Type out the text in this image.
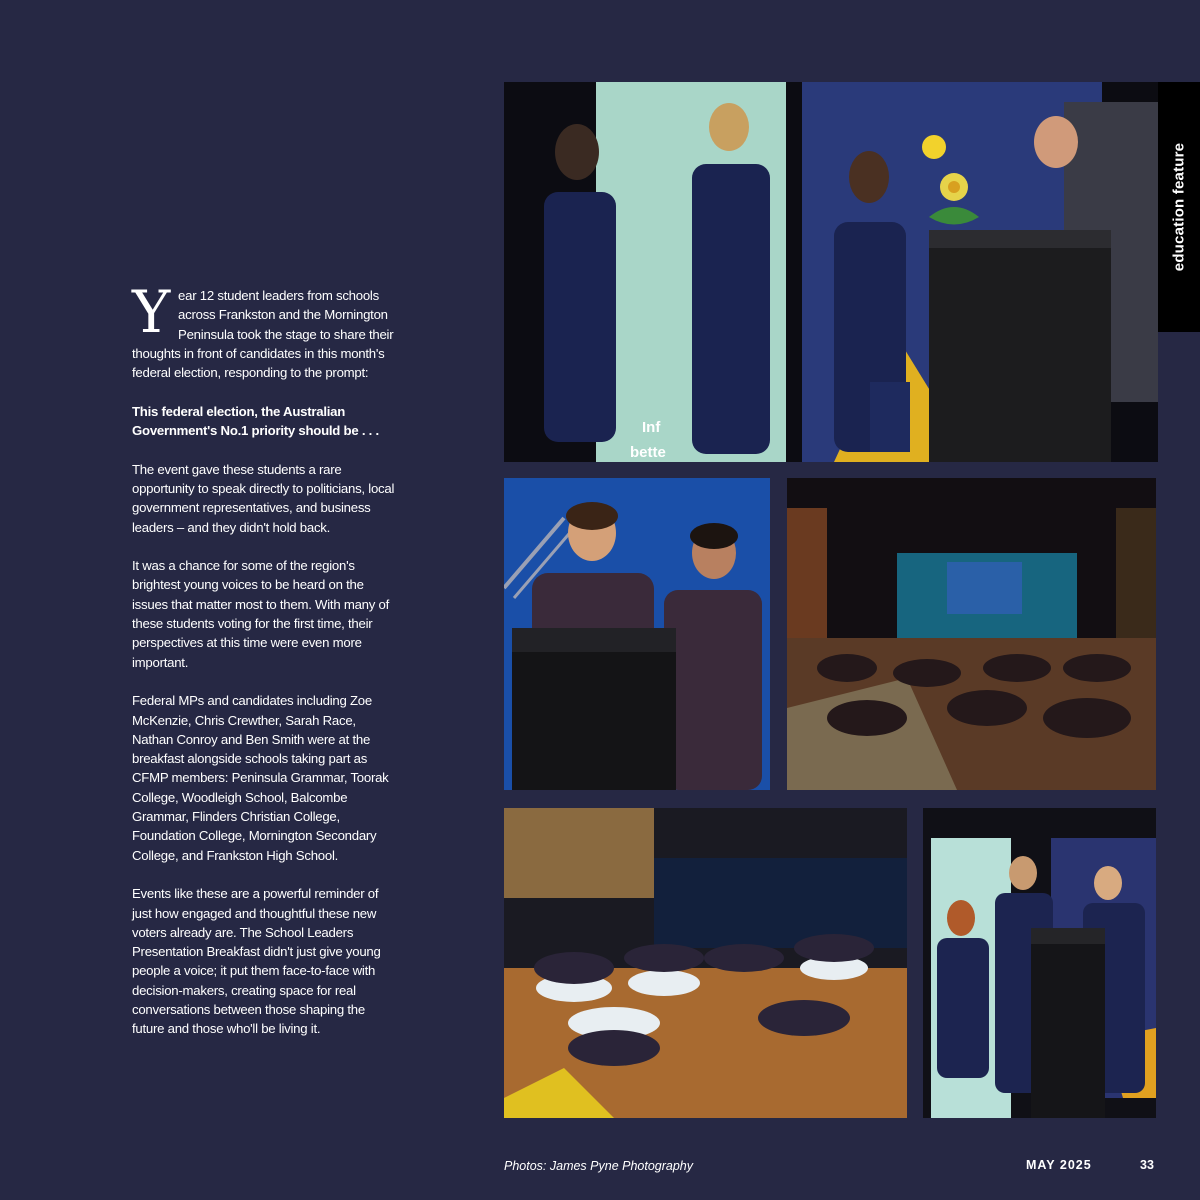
Year 12 student leaders from schools across Frankston and the Mornington Peninsula took the stage to share their thoughts in front of candidates in this month's federal election, responding to the prompt:

This federal election, the Australian Government's No.1 priority should be . . .

The event gave these students a rare opportunity to speak directly to politicians, local government representatives, and business leaders – and they didn't hold back.

It was a chance for some of the region's brightest young voices to be heard on the issues that matter most to them. With many of these students voting for the first time, their perspectives at this time were even more important.

Federal MPs and candidates including Zoe McKenzie, Chris Crewther, Sarah Race, Nathan Conroy and Ben Smith were at the breakfast alongside schools taking part as CFMP members: Peninsula Grammar, Toorak College, Woodleigh School, Balcombe Grammar, Flinders Christian College, Foundation College, Mornington Secondary College, and Frankston High School.

Events like these are a powerful reminder of just how engaged and thoughtful these new voters already are. The School Leaders Presentation Breakfast didn't just give young people a voice; it put them face-to-face with decision-makers, creating space for real conversations between those shaping the future and those who'll be living it.

Inf
bette
education feature
Photos: James Pyne Photography	MAY 2025	33
